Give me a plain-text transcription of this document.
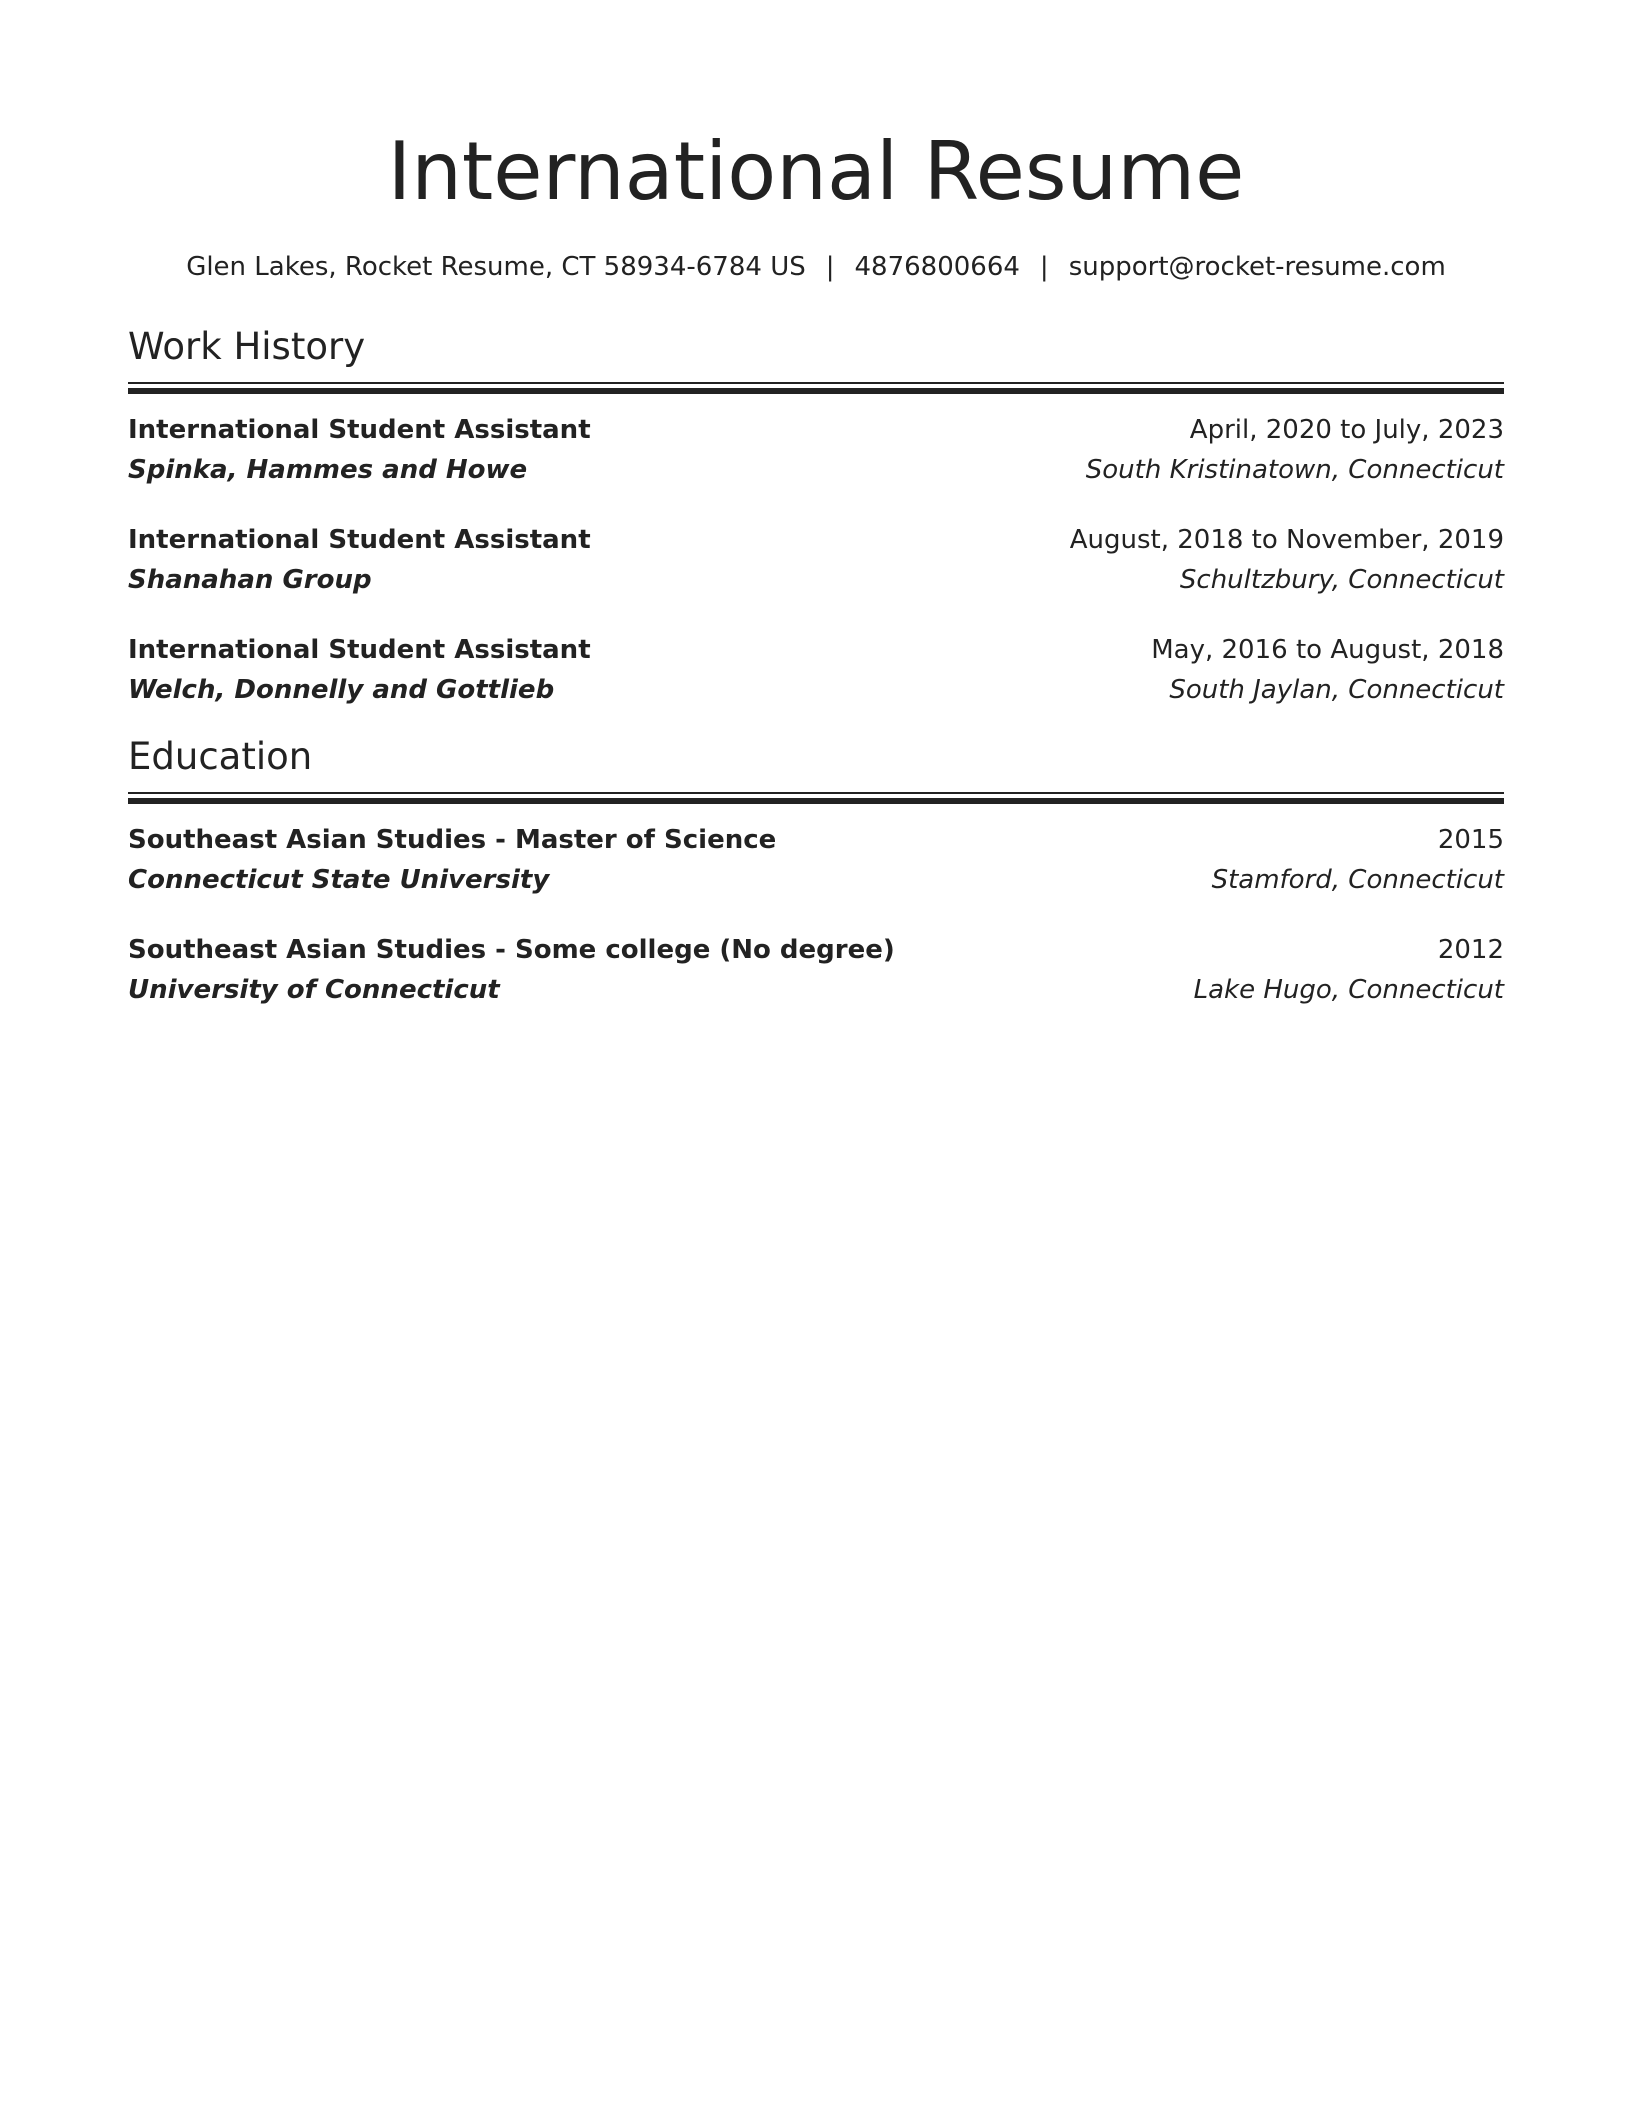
International Resume
Glen Lakes, Rocket Resume, CT 58934-6784 US | 4876800664 | support@rocket-resume.com
Work History
International Student Assistant	April, 2020 to July, 2023
Spinka, Hammes and Howe	South Kristinatown, Connecticut
International Student Assistant	August, 2018 to November, 2019
Shanahan Group	Schultzbury, Connecticut
International Student Assistant	May, 2016 to August, 2018
Welch, Donnelly and Gottlieb	South Jaylan, Connecticut
Education
Southeast Asian Studies - Master of Science	2015
Connecticut State University	Stamford, Connecticut
Southeast Asian Studies - Some college (No degree)	2012
University of Connecticut	Lake Hugo, Connecticut
